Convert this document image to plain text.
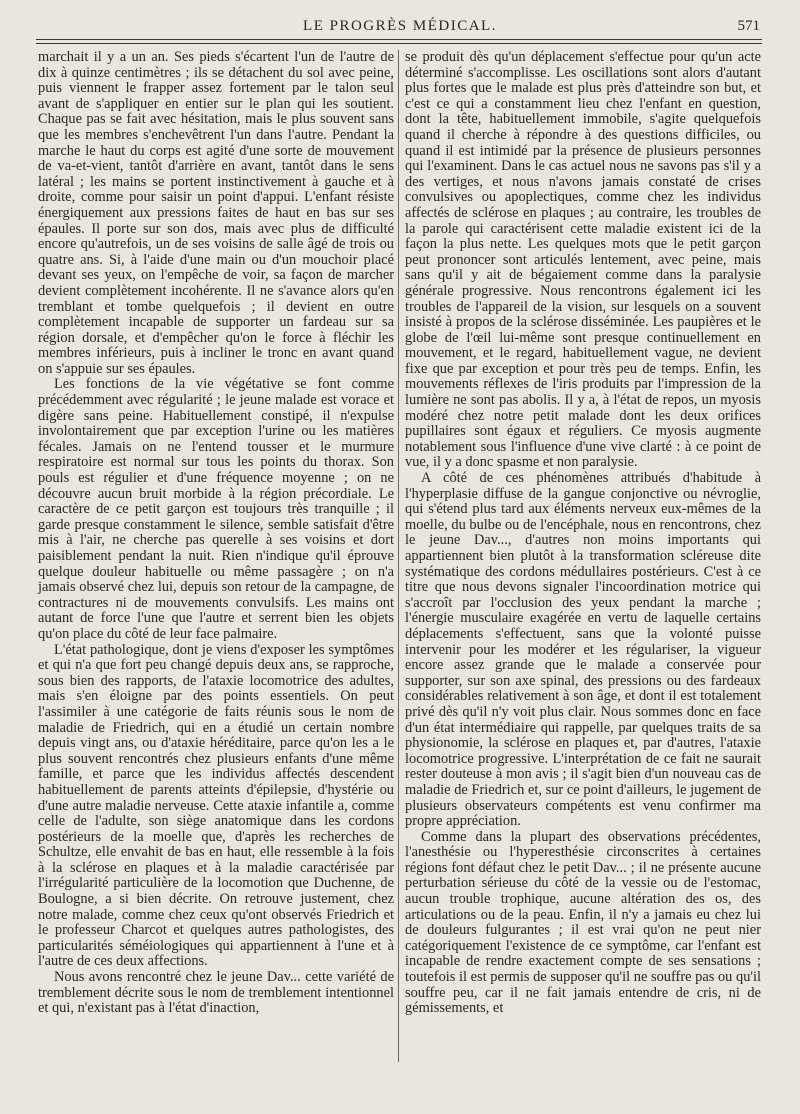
LE PROGRÈS MÉDICAL.	571

marchait il y a un an. Ses pieds s'écartent l'un de l'autre de dix à quinze centimètres ; ils se détachent du sol avec peine, puis viennent le frapper assez fortement par le talon seul avant de s'appliquer en entier sur le plan qui les soutient. Chaque pas se fait avec hésitation, mais le plus souvent sans que les membres s'enchevêtrent l'un dans l'autre. Pendant la marche le haut du corps est agité d'une sorte de mouvement de va-et-vient, tantôt d'arrière en avant, tantôt dans le sens latéral ; les mains se portent instinctivement à gauche et à droite, comme pour saisir un point d'appui. L'enfant résiste énergiquement aux pressions faites de haut en bas sur ses épaules. Il porte sur son dos, mais avec plus de difficulté encore qu'autrefois, un de ses voisins de salle âgé de trois ou quatre ans. Si, à l'aide d'une main ou d'un mouchoir placé devant ses yeux, on l'empêche de voir, sa façon de marcher devient complètement incohérente. Il ne s'avance alors qu'en tremblant et tombe quelquefois ; il devient en outre complètement incapable de supporter un fardeau sur sa région dorsale, et d'empêcher qu'on le force à fléchir les membres inférieurs, puis à incliner le tronc en avant quand on s'appuie sur ses épaules.

Les fonctions de la vie végétative se font comme précédemment avec régularité ; le jeune malade est vorace et digère sans peine. Habituellement constipé, il n'expulse involontairement que par exception l'urine ou les matières fécales. Jamais on ne l'entend tousser et le murmure respiratoire est normal sur tous les points du thorax. Son pouls est régulier et d'une fréquence moyenne ; on ne découvre aucun bruit morbide à la région précordiale. Le caractère de ce petit garçon est toujours très tranquille ; il garde presque constamment le silence, semble satisfait d'être mis à l'air, ne cherche pas querelle à ses voisins et dort paisiblement pendant la nuit. Rien n'indique qu'il éprouve quelque douleur habituelle ou même passagère ; on n'a jamais observé chez lui, depuis son retour de la campagne, de contractures ni de mouvements convulsifs. Les mains ont autant de force l'une que l'autre et serrent bien les objets qu'on place du côté de leur face palmaire.

L'état pathologique, dont je viens d'exposer les symptômes et qui n'a que fort peu changé depuis deux ans, se rapproche, sous bien des rapports, de l'ataxie locomotrice des adultes, mais s'en éloigne par des points essentiels. On peut l'assimiler à une catégorie de faits réunis sous le nom de maladie de Friedrich, qui en a étudié un certain nombre depuis vingt ans, ou d'ataxie héréditaire, parce qu'on les a le plus souvent rencontrés chez plusieurs enfants d'une même famille, et parce que les individus affectés descendent habituellement de parents atteints d'épilepsie, d'hystérie ou d'une autre maladie nerveuse. Cette ataxie infantile a, comme celle de l'adulte, son siège anatomique dans les cordons postérieurs de la moelle que, d'après les recherches de Schultze, elle envahit de bas en haut, elle ressemble à la fois à la sclérose en plaques et à la maladie caractérisée par l'irrégularité particulière de la locomotion que Duchenne, de Boulogne, a si bien décrite. On retrouve justement, chez notre malade, comme chez ceux qu'ont observés Friedrich et le professeur Charcot et quelques autres pathologistes, des particularités séméiologiques qui appartiennent à l'une et à l'autre de ces deux affections.

Nous avons rencontré chez le jeune Dav... cette variété de tremblement décrite sous le nom de tremblement intentionnel et qui, n'existant pas à l'état d'inaction,

se produit dès qu'un déplacement s'effectue pour qu'un acte déterminé s'accomplisse. Les oscillations sont alors d'autant plus fortes que le malade est plus près d'atteindre son but, et c'est ce qui a constamment lieu chez l'enfant en question, dont la tête, habituellement immobile, s'agite quelquefois quand il cherche à répondre à des questions difficiles, ou quand il est intimidé par la présence de plusieurs personnes qui l'examinent. Dans le cas actuel nous ne savons pas s'il y a des vertiges, et nous n'avons jamais constaté de crises convulsives ou apoplectiques, comme chez les individus affectés de sclérose en plaques ; au contraire, les troubles de la parole qui caractérisent cette maladie existent ici de la façon la plus nette. Les quelques mots que le petit garçon peut prononcer sont articulés lentement, avec peine, mais sans qu'il y ait de bégaiement comme dans la paralysie générale progressive. Nous rencontrons également ici les troubles de l'appareil de la vision, sur lesquels on a souvent insisté à propos de la sclérose disséminée. Les paupières et le globe de l'œil lui-même sont presque continuellement en mouvement, et le regard, habituellement vague, ne devient fixe que par exception et pour très peu de temps. Enfin, les mouvements réflexes de l'iris produits par l'impression de la lumière ne sont pas abolis. Il y a, à l'état de repos, un myosis modéré chez notre petit malade dont les deux orifices pupillaires sont égaux et réguliers. Ce myosis augmente notablement sous l'influence d'une vive clarté : à ce point de vue, il y a donc spasme et non paralysie.

A côté de ces phénomènes attribués d'habitude à l'hyperplasie diffuse de la gangue conjonctive ou névroglie, qui s'étend plus tard aux éléments nerveux eux-mêmes de la moelle, du bulbe ou de l'encéphale, nous en rencontrons, chez le jeune Dav..., d'autres non moins importants qui appartiennent bien plutôt à la transformation scléreuse dite systématique des cordons médullaires postérieurs. C'est à ce titre que nous devons signaler l'incoordination motrice qui s'accroît par l'occlusion des yeux pendant la marche ; l'énergie musculaire exagérée en vertu de laquelle certains déplacements s'effectuent, sans que la volonté puisse intervenir pour les modérer et les régulariser, la vigueur encore assez grande que le malade a conservée pour supporter, sur son axe spinal, des pressions ou des fardeaux considérables relativement à son âge, et dont il est totalement privé dès qu'il n'y voit plus clair. Nous sommes donc en face d'un état intermédiaire qui rappelle, par quelques traits de sa physionomie, la sclérose en plaques et, par d'autres, l'ataxie locomotrice progressive. L'interprétation de ce fait ne saurait rester douteuse à mon avis ; il s'agit bien d'un nouveau cas de maladie de Friedrich et, sur ce point d'ailleurs, le jugement de plusieurs observateurs compétents est venu confirmer ma propre appréciation.

Comme dans la plupart des observations précédentes, l'anesthésie ou l'hyperesthésie circonscrites à certaines régions font défaut chez le petit Dav... ; il ne présente aucune perturbation sérieuse du côté de la vessie ou de l'estomac, aucun trouble trophique, aucune altération des os, des articulations ou de la peau. Enfin, il n'y a jamais eu chez lui de douleurs fulgurantes ; il est vrai qu'on ne peut nier catégoriquement l'existence de ce symptôme, car l'enfant est incapable de rendre exactement compte de ses sensations ; toutefois il est permis de supposer qu'il ne souffre pas ou qu'il souffre peu, car il ne fait jamais entendre de cris, ni de gémissements, et
